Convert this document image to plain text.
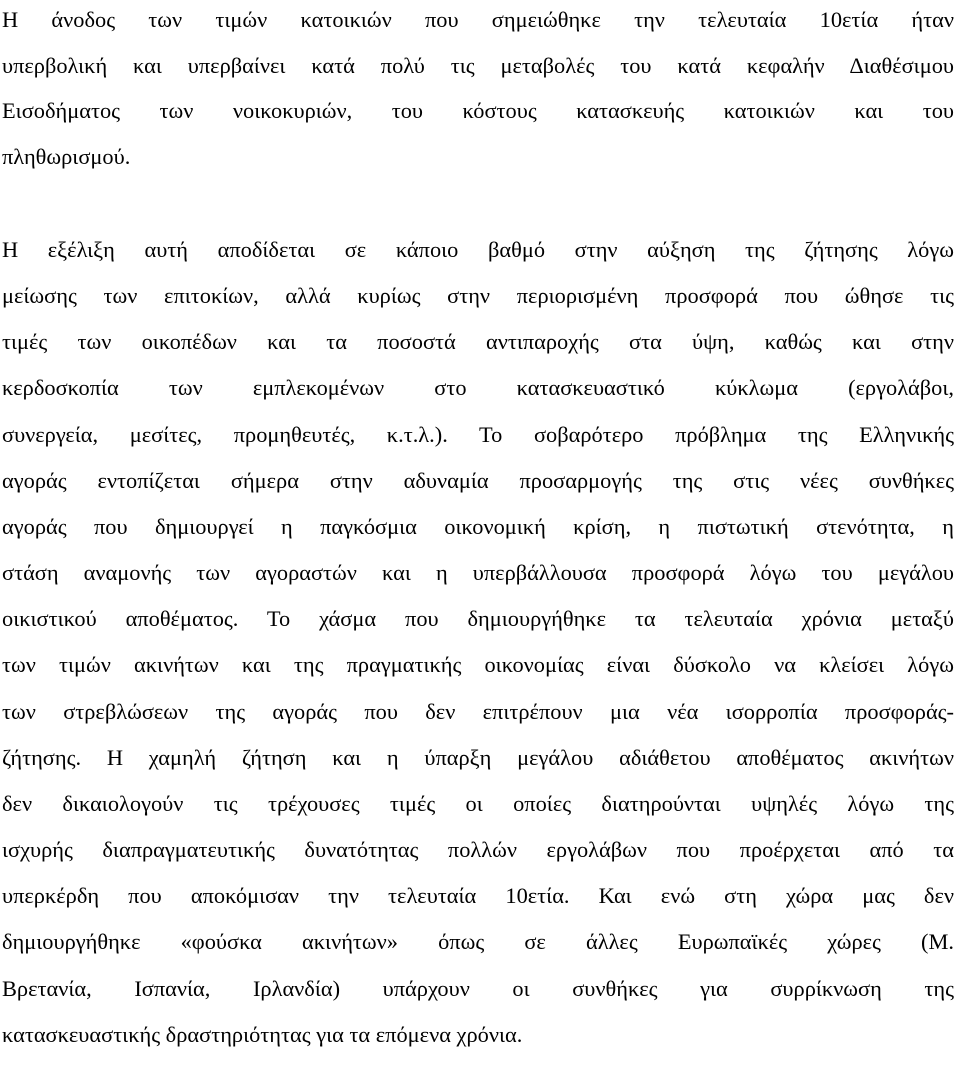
Η άνοδος των τιμών κατοικιών που σημειώθηκε την τελευταία 10ετία ήταν
υπερβολική και υπερβαίνει κατά πολύ τις μεταβολές του κατά κεφαλήν Διαθέσιμου
Εισοδήματος των νοικοκυριών, του κόστους κατασκευής κατοικιών και του
πληθωρισμού.
Η εξέλιξη αυτή αποδίδεται σε κάποιο βαθμό στην αύξηση της ζήτησης λόγω
μείωσης των επιτοκίων, αλλά κυρίως στην περιορισμένη προσφορά που ώθησε τις
τιμές των οικοπέδων και τα ποσοστά αντιπαροχής στα ύψη, καθώς και στην
κερδοσκοπία των εμπλεκομένων στο κατασκευαστικό κύκλωμα (εργολάβοι,
συνεργεία, μεσίτες, προμηθευτές, κ.τ.λ.). Το σοβαρότερο πρόβλημα της Ελληνικής
αγοράς εντοπίζεται σήμερα στην αδυναμία προσαρμογής της στις νέες συνθήκες
αγοράς που δημιουργεί η παγκόσμια οικονομική κρίση, η πιστωτική στενότητα, η
στάση αναμονής των αγοραστών και η υπερβάλλουσα προσφορά λόγω του μεγάλου
οικιστικού αποθέματος. Το χάσμα που δημιουργήθηκε τα τελευταία χρόνια μεταξύ
των τιμών ακινήτων και της πραγματικής οικονομίας είναι δύσκολο να κλείσει λόγω
των στρεβλώσεων της αγοράς που δεν επιτρέπουν μια νέα ισορροπία προσφοράς-
ζήτησης. Η χαμηλή ζήτηση και η ύπαρξη μεγάλου αδιάθετου αποθέματος ακινήτων
δεν δικαιολογούν τις τρέχουσες τιμές οι οποίες διατηρούνται υψηλές λόγω της
ισχυρής διαπραγματευτικής δυνατότητας πολλών εργολάβων που προέρχεται από τα
υπερκέρδη που αποκόμισαν την τελευταία 10ετία. Και ενώ στη χώρα μας δεν
δημιουργήθηκε «φούσκα ακινήτων» όπως σε άλλες Ευρωπαϊκές χώρες (Μ.
Βρετανία, Ισπανία, Ιρλανδία) υπάρχουν οι συνθήκες για συρρίκνωση της
κατασκευαστικής δραστηριότητας για τα επόμενα χρόνια.
